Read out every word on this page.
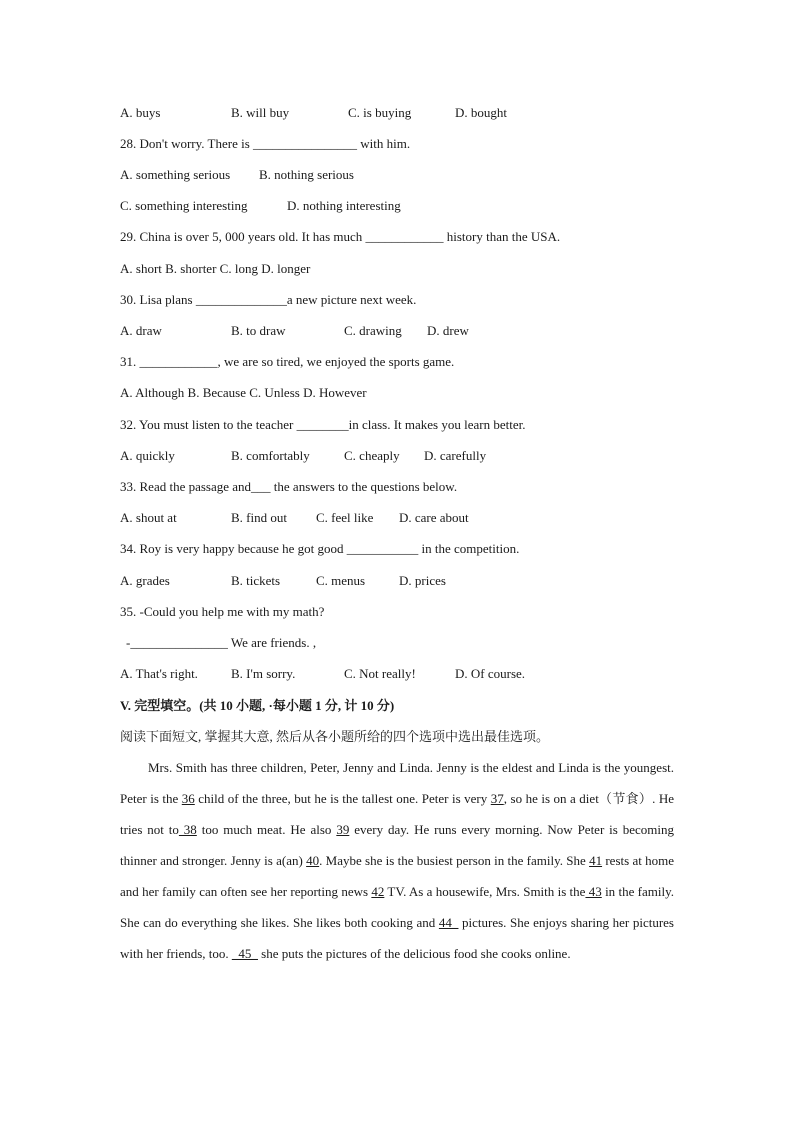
A. buys	B. will buy	C. is buying	D. bought
28. Don't worry. There is ________________ with him.
A. something serious B. nothing serious
C. something interesting	D. nothing interesting
29. China is over 5, 000 years old. It has much ____________ history than the USA.
A. short B. shorter C. long D. longer
30. Lisa plans ______________a new picture next week.
A. draw	B. to draw	C. drawing D. drew
31. ____________, we are so tired, we enjoyed the sports game.
A. Although B. Because C. Unless D. However
32. You must listen to the teacher ________in class. It makes you learn better.
A. quickly	B. comfortably	C. cheaply D. carefully
33. Read the passage and___ the answers to the questions below.
A. shout at	B. find out C. feel like D. care about
34. Roy is very happy because he got good ___________ in the competition.
A. grades	B. tickets	C. menus	D. prices
35. -Could you help me with my math?
-_______________ We are friends. ,
A. That's right.	B. I'm sorry.	C. Not really!	D. Of course.
V. 完型填空。(共 10 小题, ·每小题 1 分, 计 10 分)
阅读下面短文, 掌握其大意, 然后从各小题所给的四个选项中选出最佳选项。
Mrs. Smith has three children, Peter, Jenny and Linda. Jenny is the eldest and Linda is the youngest. Peter is the 36 child of the three, but he is the tallest one. Peter is very 37, so he is on a diet（节食）. He tries not to 38 too much meat. He also 39 every day. He runs every morning. Now Peter is becoming thinner and stronger. Jenny is a(an) 40. Maybe she is the busiest person in the family. She 41 rests at home and her family can often see her reporting news 42 TV. As a housewife, Mrs. Smith is the 43 in the family. She can do everything she likes. She likes both cooking and 44_ pictures. She enjoys sharing her pictures with her friends, too. _45_ she puts the pictures of the delicious food she cooks online.
